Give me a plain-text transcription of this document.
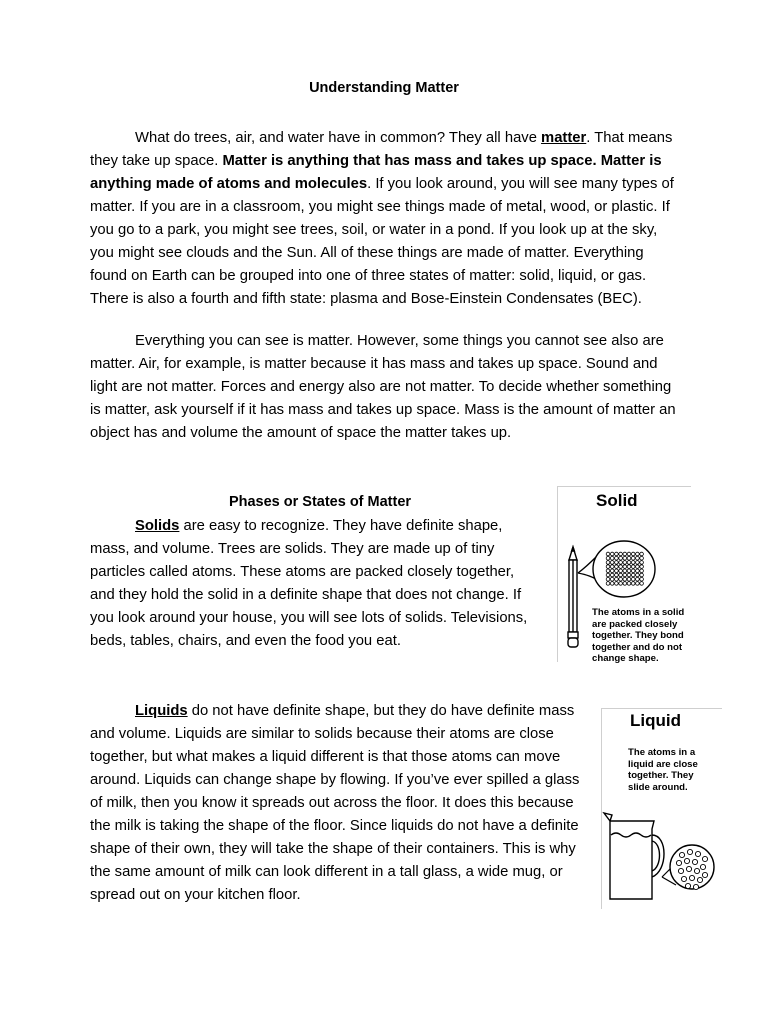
Understanding Matter

What do trees, air, and water have in common? They all have matter. That means they take up space. Matter is anything that has mass and takes up space. Matter is anything made of atoms and molecules. If you look around, you will see many types of matter. If you are in a classroom, you might see things made of metal, wood, or plastic. If you go to a park, you might see trees, soil, or water in a pond. If you look up at the sky, you might see clouds and the Sun. All of these things are made of matter. Everything found on Earth can be grouped into one of three states of matter: solid, liquid, or gas. There is also a fourth and fifth state: plasma and Bose-Einstein Condensates (BEC).

Everything you can see is matter. However, some things you cannot see also are matter. Air, for example, is matter because it has mass and takes up space. Sound and light are not matter. Forces and energy also are not matter. To decide whether something is matter, ask yourself if it has mass and takes up space. Mass is the amount of matter an object has and volume the amount of space the matter takes up.

Phases or States of Matter

Solids are easy to recognize. They have definite shape, mass, and volume. Trees are solids. They are made up of tiny particles called atoms. These atoms are packed closely together, and they hold the solid in a definite shape that does not change. If you look around your house, you will see lots of solids. Televisions, beds, tables, chairs, and even the food you eat.

Liquids do not have definite shape, but they do have definite mass and volume. Liquids are similar to solids because their atoms are close together, but what makes a liquid different is that those atoms can move around. Liquids can change shape by flowing. If you’ve ever spilled a glass of milk, then you know it spreads out across the floor. It does this because the milk is taking the shape of the floor. Since liquids do not have a definite shape of their own, they will take the shape of their containers. This is why the same amount of milk can look different in a tall glass, a wide mug, or spread out on your kitchen floor.

Solid
The atoms in a solid are packed closely together. They bond together and do not change shape.
Liquid
The atoms in a liquid are close together. They slide around.
